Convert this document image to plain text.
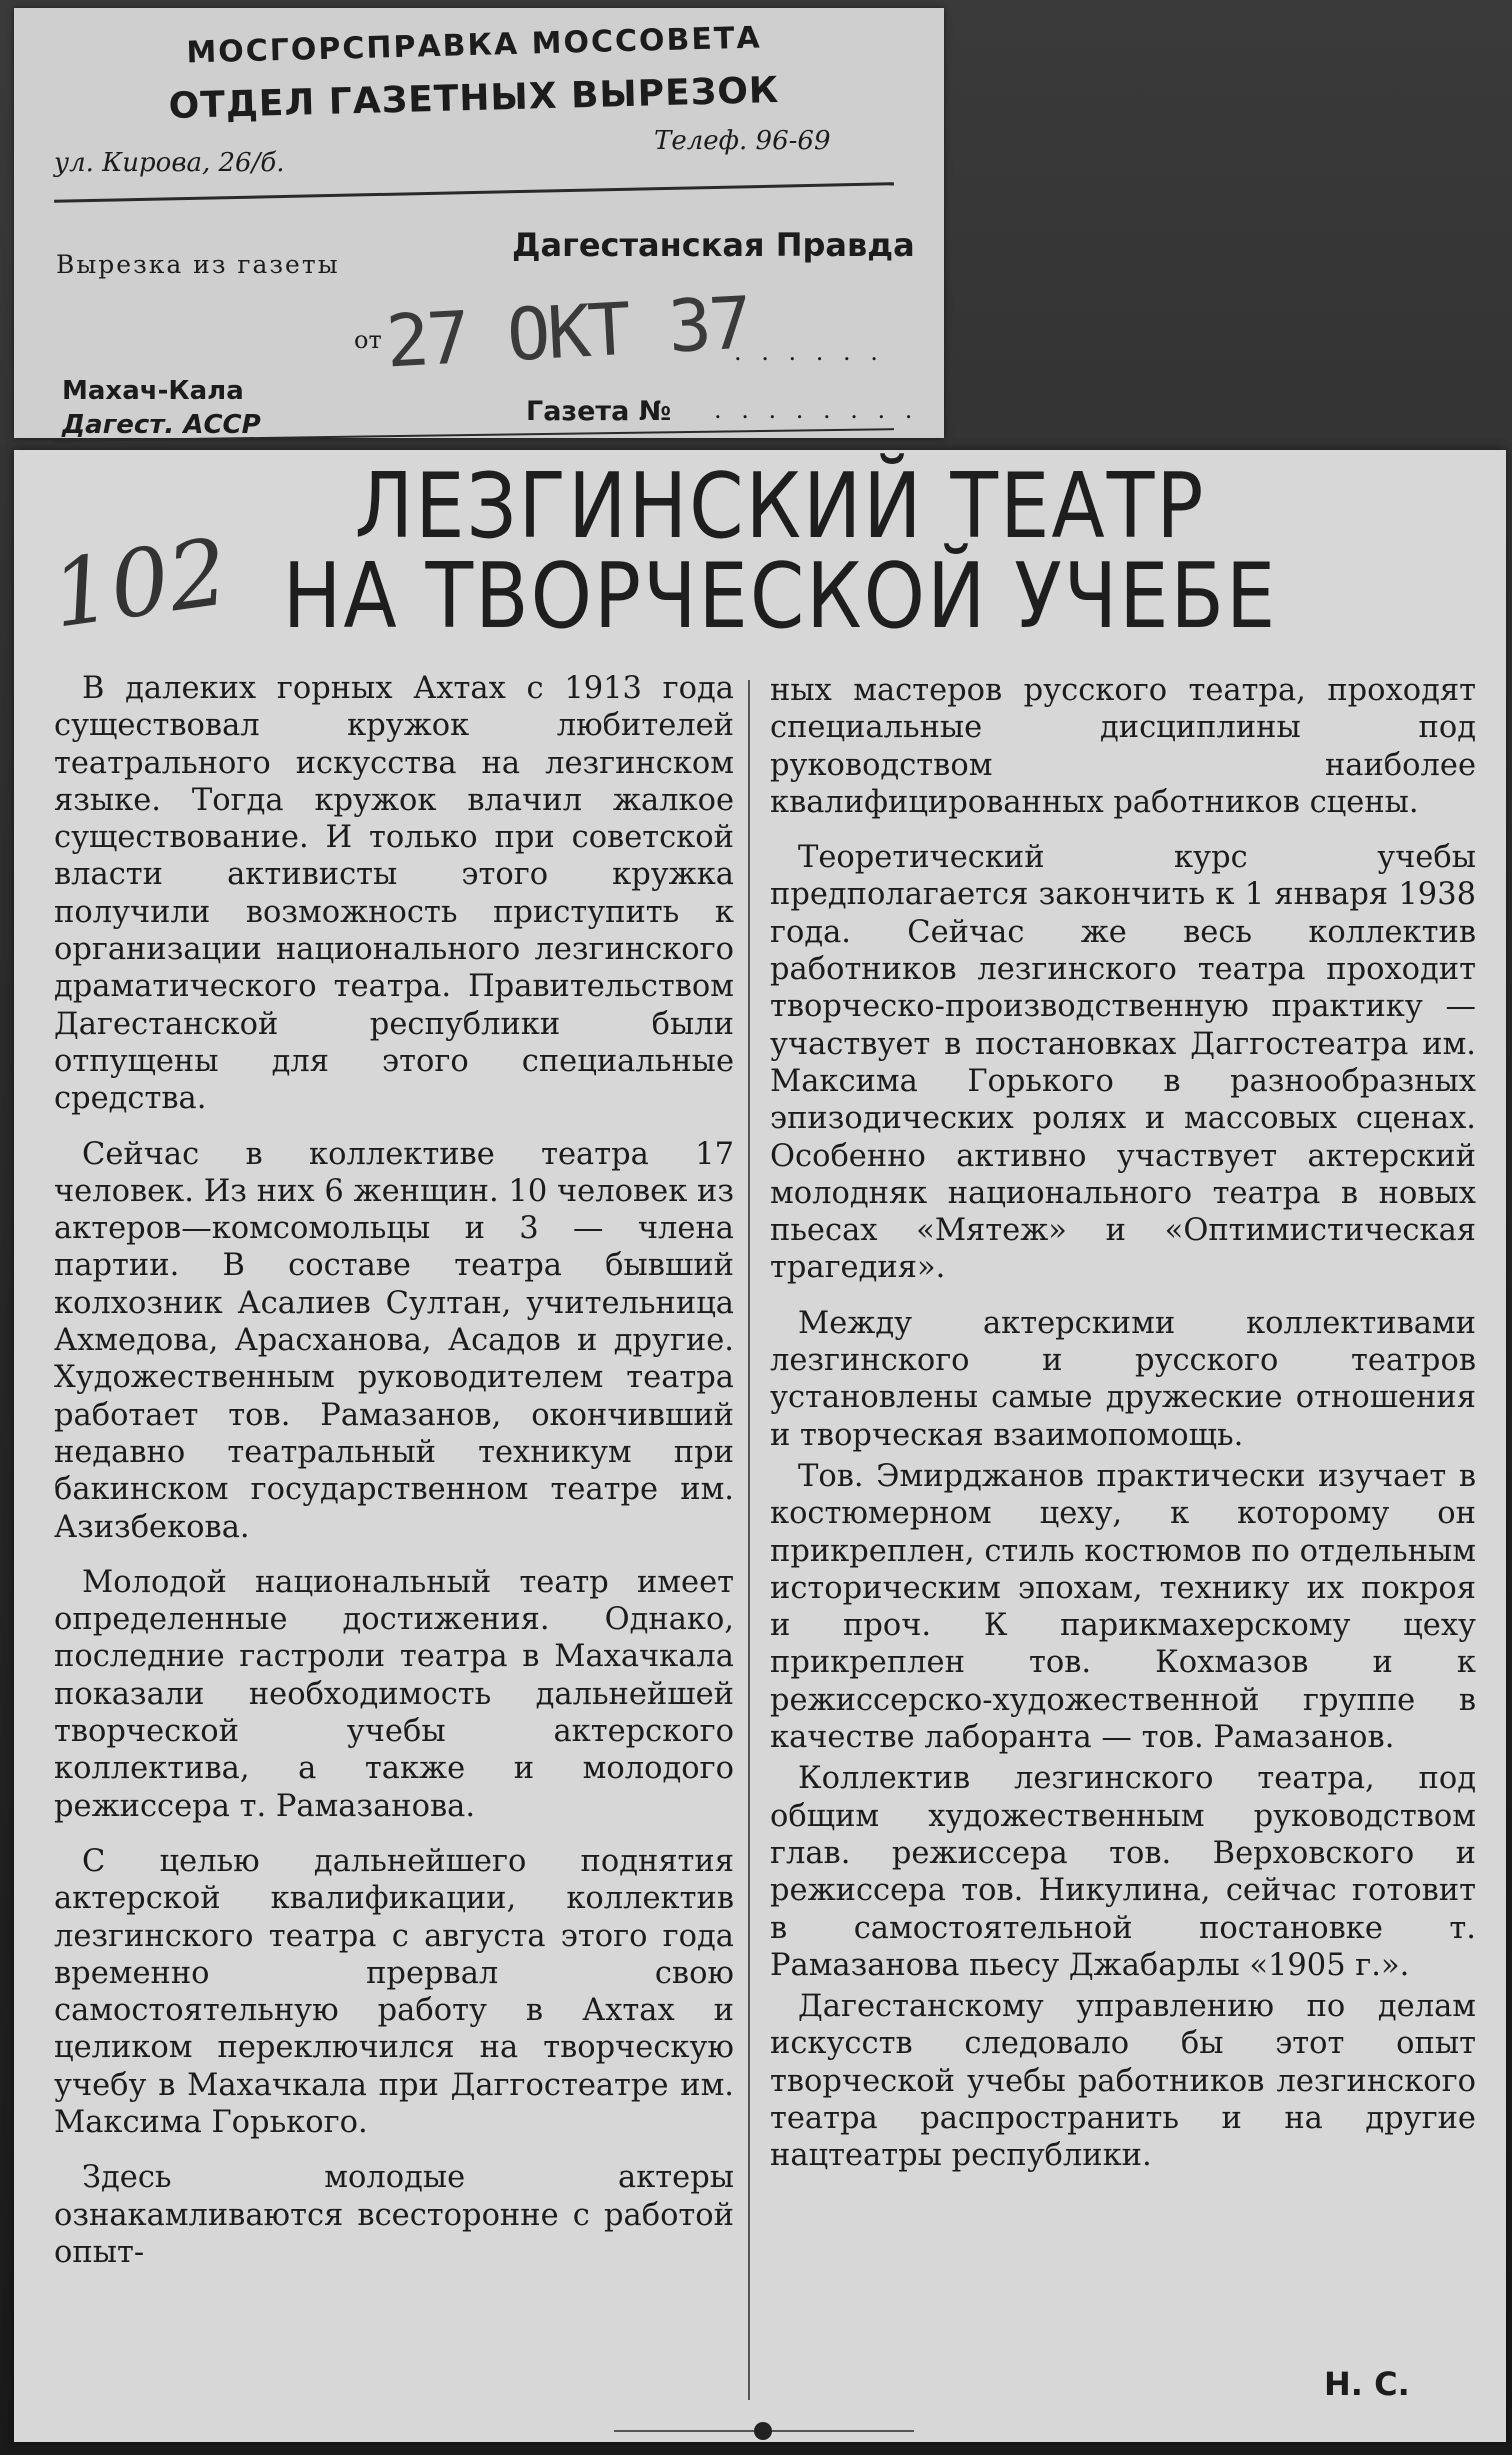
МОСГОРСПРАВКА МОССОВЕТА
ОТДЕЛ ГАЗЕТНЫХ ВЫРЕЗОК
ул. Кирова, 26/б.
Телеф. 96-69
Вырезка из газеты
Дагестанская Правда
от 27 ОКТ 37
. . . . . .
Махач-Кала
Дагест. АССР	Газета № . . . . . . . .
ЛЕЗГИНСКИЙ ТЕАТР
НА ТВОРЧЕСКОЙ УЧЕБЕ
102

В далеких горных Ахтах с 1913 года существовал кружок любителей театрального искусства на лезгинском языке. Тогда кружок влачил жалкое существование. И только при советской власти активисты этого кружка получили возможность приступить к организации национального лезгинского драматического театра. Правительством Дагестанской республики были отпущены для этого специальные средства.

Сейчас в коллективе театра 17 человек. Из них 6 женщин. 10 человек из актеров—комсомольцы и 3 — члена партии. В составе театра бывший колхозник Асалиев Султан, учительница Ахмедова, Арасханова, Асадов и другие. Художественным руководителем театра работает тов. Рамазанов, окончивший недавно театральный техникум при бакинском государственном театре им. Азизбекова.

Молодой национальный театр имеет определенные достижения. Однако, последние гастроли театра в Махачкала показали необходимость дальнейшей творческой учебы актерского коллектива, а также и молодого режиссера т. Рамазанова.

С целью дальнейшего поднятия актерской квалификации, коллектив лезгинского театра с августа этого года временно прервал свою самостоятельную работу в Ахтах и целиком переключился на творческую учебу в Махачкала при Даггостеатре им. Максима Горького.

Здесь молодые актеры ознакамливаются всесторонне с работой опыт-

ных мастеров русского театра, проходят специальные дисциплины под руководством наиболее квалифицированных работников сцены.

Теоретический курс учебы предполагается закончить к 1 января 1938 года. Сейчас же весь коллектив работников лезгинского театра проходит творческо-производственную практику — участвует в постановках Даггостеатра им. Максима Горького в разнообразных эпизодических ролях и массовых сценах. Особенно активно участвует актерский молодняк национального театра в новых пьесах «Мятеж» и «Оптимистическая трагедия».

Между актерскими коллективами лезгинского и русского театров установлены самые дружеские отношения и творческая взаимопомощь.

Тов. Эмирджанов практически изучает в костюмерном цеху, к которому он прикреплен, стиль костюмов по отдельным историческим эпохам, технику их покроя и проч. К парикмахерскому цеху прикреплен тов. Кохмазов и к режиссерско-художественной группе в качестве лаборанта — тов. Рамазанов.

Коллектив лезгинского театра, под общим художественным руководством глав. режиссера тов. Верховского и режиссера тов. Никулина, сейчас готовит в самостоятельной постановке т. Рамазанова пьесу Джабарлы «1905 г.».

Дагестанскому управлению по делам искусств следовало бы этот опыт творческой учебы работников лезгинского театра распространить и на другие нацтеатры республики.

Н. С.
